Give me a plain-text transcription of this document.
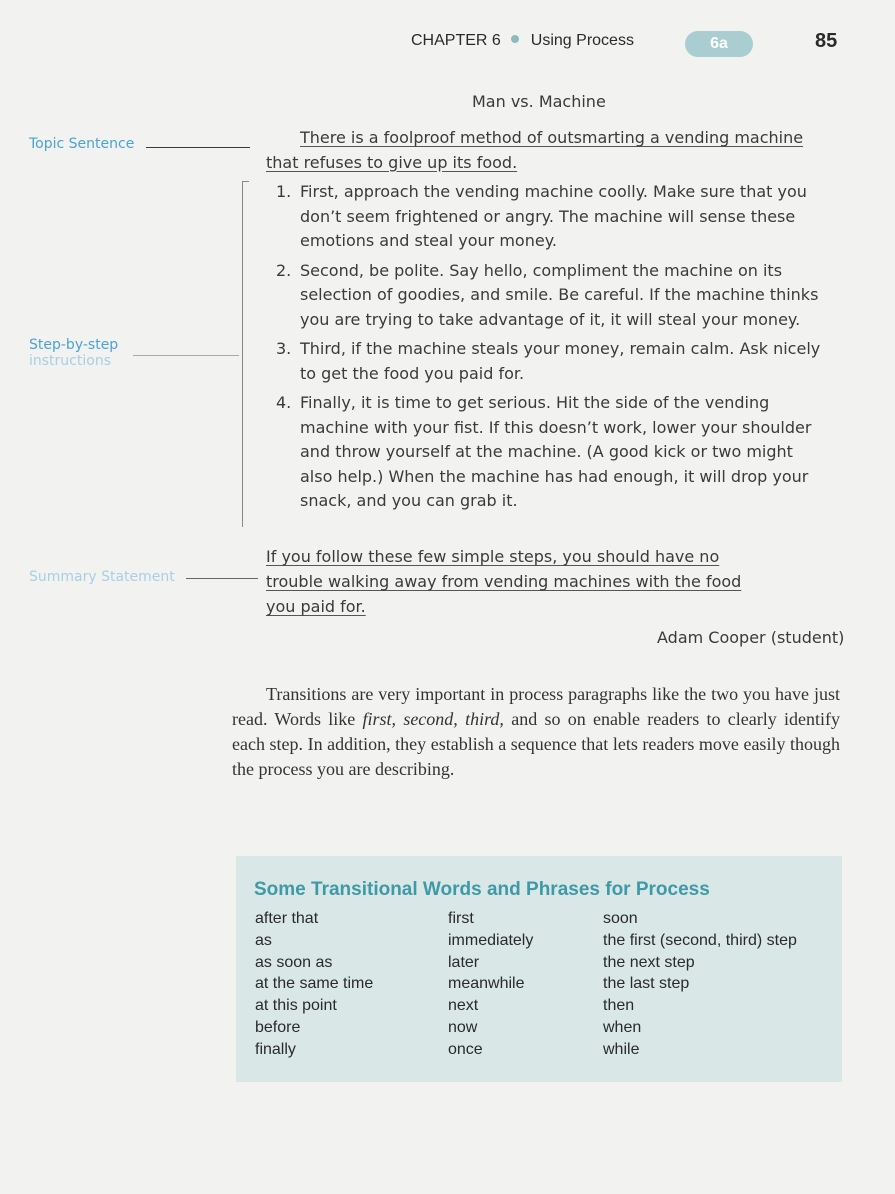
CHAPTER 6 Using Process	6a	85
Topic Sentence
Step-by-step
instructions
Summary Statement
Man vs. Machine
There is a foolproof method of outsmarting a vending machine that refuses to give up its food.
1. First, approach the vending machine coolly. Make sure that you don’t seem frightened or angry. The machine will sense these emotions and steal your money.
2. Second, be polite. Say hello, compliment the machine on its selection of goodies, and smile. Be careful. If the machine thinks you are trying to take advantage of it, it will steal your money.
3. Third, if the machine steals your money, remain calm. Ask nicely to get the food you paid for.
4. Finally, it is time to get serious. Hit the side of the vending machine with your fist. If this doesn’t work, lower your shoulder and throw yourself at the machine. (A good kick or two might also help.) When the machine has had enough, it will drop your snack, and you can grab it.
If you follow these few simple steps, you should have no trouble walking away from vending machines with the food you paid for.
Adam Cooper (student)
Transitions are very important in process paragraphs like the two you have just read. Words like first, second, third, and so on enable readers to clearly identify each step. In addition, they establish a sequence that lets readers move easily though the process you are describing.
Some Transitional Words and Phrases for Process
after that
as
as soon as
at the same time
at this point
before
finally
first
immediately
later
meanwhile
next
now
once
soon
the first (second, third) step
the next step
the last step
then
when
while
